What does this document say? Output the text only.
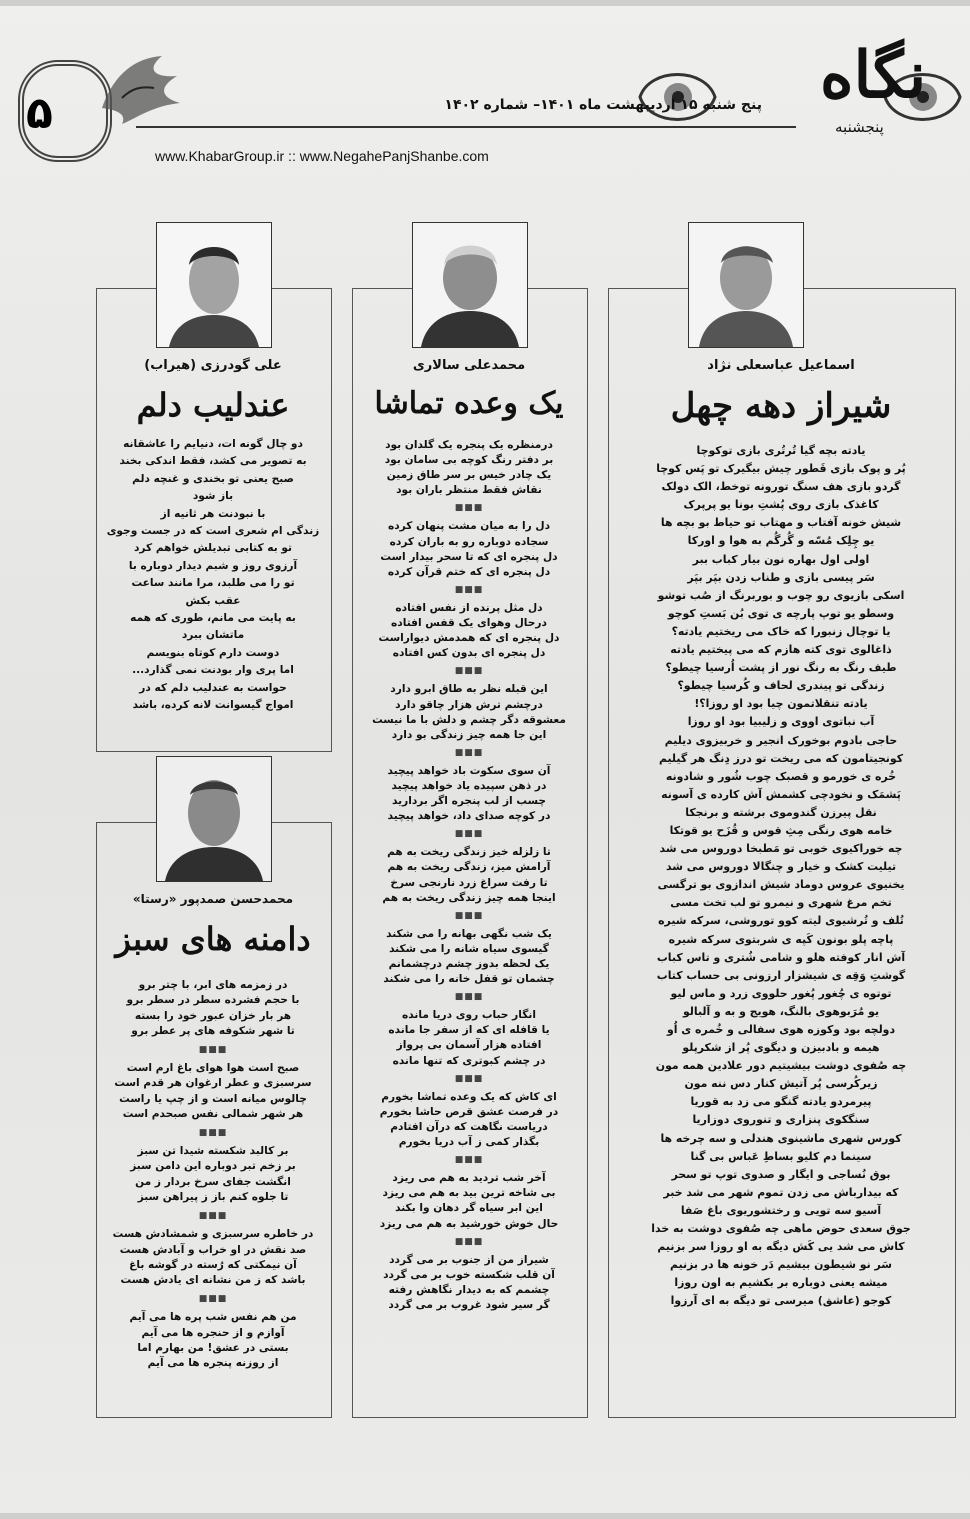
۵	پنج شنبه ۱۵ اردیبهشت ماه ۱۴۰۱– شماره ۱۴۰۲
www.KhabarGroup.ir :: www.NegahePanjShanbe.com
نگاه
پنجشنبه
اسماعیل عباسعلی نژاد
شیراز دهه چهل

یادته بچه گیا تُرتُری بازی توکوچا

پُر و پوک بازی قَطور چیش بیگیرک تو پَس کوچا

گردو بازی هف سنگ تورونه توخط، الک دولک

کاغذک بازی روی پُشتِ بونا یو پرپرک

شیش خونه آفتاب و مهتاب تو حیاط بو بچه ها

یو چِلِک مُسّه و گُرگُم به هوا و اورکا

اولی اول بهاره نون بیار کباب ببر

سَر پیسی بازی و طناب زدن بپَر بپَر

اسکی بازیوی رو چوب و بوربرنگ از صُب توشو

وسطو یو توپ پارچه ی توی بُن بَستِ کوچو

یا توچال زنبورا که خاک می ریختیم یادته؟

ذاغالوی توی کته هازم که می پیختیم یادته

طیف رنگ به رنگ نور از پشت اُرسیا چیطو؟

زندگی تو پیندری لحاف و کُرسیا چیطو؟

یادته تنقلاتمون چیا بود او روزا؟!

آب نباتوی اووی و زلیبیا بود او روزا

حاجی بادوم بوخورک انجیر و خربیزوی دیلیم

کونجیتامون که می ریخت تو درز دِنگ هر گیلیم

خُره ی خورمو و قصبک چوب شُور و شادونه

پَشمَک و نخودچی کشمش آش کارده ی آسونه

نقل پیرزن گندوموی برشته و برنجکا

خامه هوی رنگی مِثِ قوس و قُزَح یو قوتکا

چه خوراکیوی خوبی تو مَطبخا دوروس می شد

تیلیت کشک و خیار و چنگالا دوروس می شد

یخنیوی عروس دوماد شیش اندازوی بو ترگسی

تخم مرغ شهری و نیمرو تو لب تخت مسی

تُلف و تُرشیوی لیته کوو توروشی، سرکه شیره

پاچه پلو بونون کَپه ی شربتوی سرکه شیره

آش انار کوفته هلو و شامی شُتری و تاس کباب

گوشتِ وَقِه ی شیشزار ارزونی بی حساب کتاب

توتوه ی چُغور پُغور حلووی زرد و ماس لیو

یو مُرَبوهوی بالنگ، هویج و به و آلبالو

دولچه بود وکوزه هوی سفالی و خُمره ی اُو

هیمه و بادبیزن و دیگوی پُر از شکرپلو

چه صُفوی دوشت بیشیتیم دور علادین همه مون

زیرکُرسی پُر آتیش کنار دس ننه مون

پیرمردو یادته گنگو می زد به قوریا

سنگکوی پنزاری و تنوروی دوزاریا

کورس شهری ماشینوی هندلی و سه چرخه ها

سینما دم کلیو بساطِ عَباس بی گنا

بوق نُساجی و ایگار و صدوی توپ تو سحر

که بیدارباش می زدن تموم شهر می شد خبر

آسیو سه تویی و رختشوریوی باغ صَفا

جوق سعدی حوض ماهی چه صُفوی دوشت به خدا

کاش می شد یی کَش دیگه به او روزا سر بزنیم

سَر نو شیطون بیشیم دَر خونه ها در بزنیم

میشه یعنی دوباره بر بکشیم به اون روزا

کوجو (عاشق) میرسی تو دیگه به ای آرزوا

محمدعلی سالاری
یک وعده تماشا

درمنظره یک پنجره یک گلدان بود

بر دفتر رنگ کوچه بی سامان بود

یک چادر خیس بر سر طاق زمین

نقاش فقط منتظر باران بود

■■■

دل را به میان مشت پنهان کرده

سجاده دوباره رو به باران کرده

دل پنجره ای که تا سحر بیدار است

دل پنجره ای که ختم قرآن کرده

■■■

دل مثل پرنده از نفس افتاده

درحال وهوای یک قفس افتاده

دل پنجره ای که همدمش دیواراست

دل پنجره ای بدون کس افتاده

■■■

این قبله نظر به طاق ابرو دارد

درچشم ترش هزار چاقو دارد

معشوقه دگر چشم و دلش با ما نیست

این جا همه چیز زندگی بو دارد

■■■

آن سوی سکوت باد خواهد پیچید

در ذهن سپیده یاد خواهد پیچید

چسب از لب پنجره اگر بردارید

در کوچه صدای داد، خواهد پیچید

■■■

تا زلزله خیز زندگی ریخت به هم

آرامش میز، زندگی ریخت به هم

تا رفت سراغ زرد نارنجی سرخ

اینجا همه چیز زندگی ریخت به هم

■■■

یک شب نگهی بهانه را می شکند

گیسوی سیاه شانه را می شکند

یک لحظه بدوز چشم درچشمانم

چشمان تو قفل خانه را می شکند

■■■

انگار حباب روی دریا مانده

یا قافله ای که از سفر جا مانده

افتاده هزار آسمان بی پرواز

در چشم کبوتری که تنها مانده

■■■

ای کاش که یک وعده تماشا بخورم

در فرصت عشق قرص حاشا بخورم

دریاست نگاهت که درآن افتادم

بگذار کمی ز آب دریا بخورم

■■■

آخر شب تردید به هم می ریزد

بی شاخه ترین بید به هم می ریزد

این ابر سیاه گر دهان وا بکند

حال خوش خورشید به هم می ریزد

■■■

شیراز من از جنوب بر می گردد

آن قلب شکسته خوب بر می گردد

چشمم که به دیدار نگاهش رفته

گر سیر شود غروب بر می گردد

علی گودرزی (هیراب)
عندلیب دلم

دو چال گونه ات، دنیایم را عاشقانه

به تصویر می کشد، فقط اندکی بخند

صبح یعنی تو بخندی و غنچه دلم

باز شود

با نبودنت هر ثانیه از

زندگی ام شعری است که در جست وجوی

تو به کتابی تبدیلش خواهم کرد

آرزوی روز و شبم دیدار دوباره با

تو را می طلبد، مرا مانند ساعت

عقب بکش

به پایت می مانم، طوری که همه

ماتشان ببرد

دوست دارم کوتاه بنویسم

اما پری وار بودنت نمی گذارد...

حواست به عندلیب دلم که در

امواج گیسوانت لانه کرده، باشد

محمدحسن صمدپور «رستا»
دامنه های سبز

در زمزمه های ابر، با چتر برو

با حجم فشرده سطر در سطر برو

هر بار خزان عبور خود را بسته

تا شهر شکوفه های پر عطر برو

■■■

صبح است هوا هوای باغ ارم است

سرسبزی و عطر ارغوان هر قدم است

چالوس میانه است و از چپ یا راست

هر شهر شمالی نفس صبحدم است

■■■

بر کالبد شکسته شیدا تن سبز

بر زخم تبر دوباره این دامن سبز

انگشت جفای سرخ بردار ز من

تا جلوه کنم باز ز پیراهن سبز

■■■

در خاطره سرسبزی و شمشادش هست

صد نقش در او خراب و آبادش هست

آن نیمکتی که رُسته در گوشه باغ

باشد که ز من نشانه ای یادش هست

■■■

من هم نفس شب پره ها می آیم

آوازم و از حنجره ها می آیم

بستی در عشق! من بهارم اما

از روزنه پنجره ها می آیم
